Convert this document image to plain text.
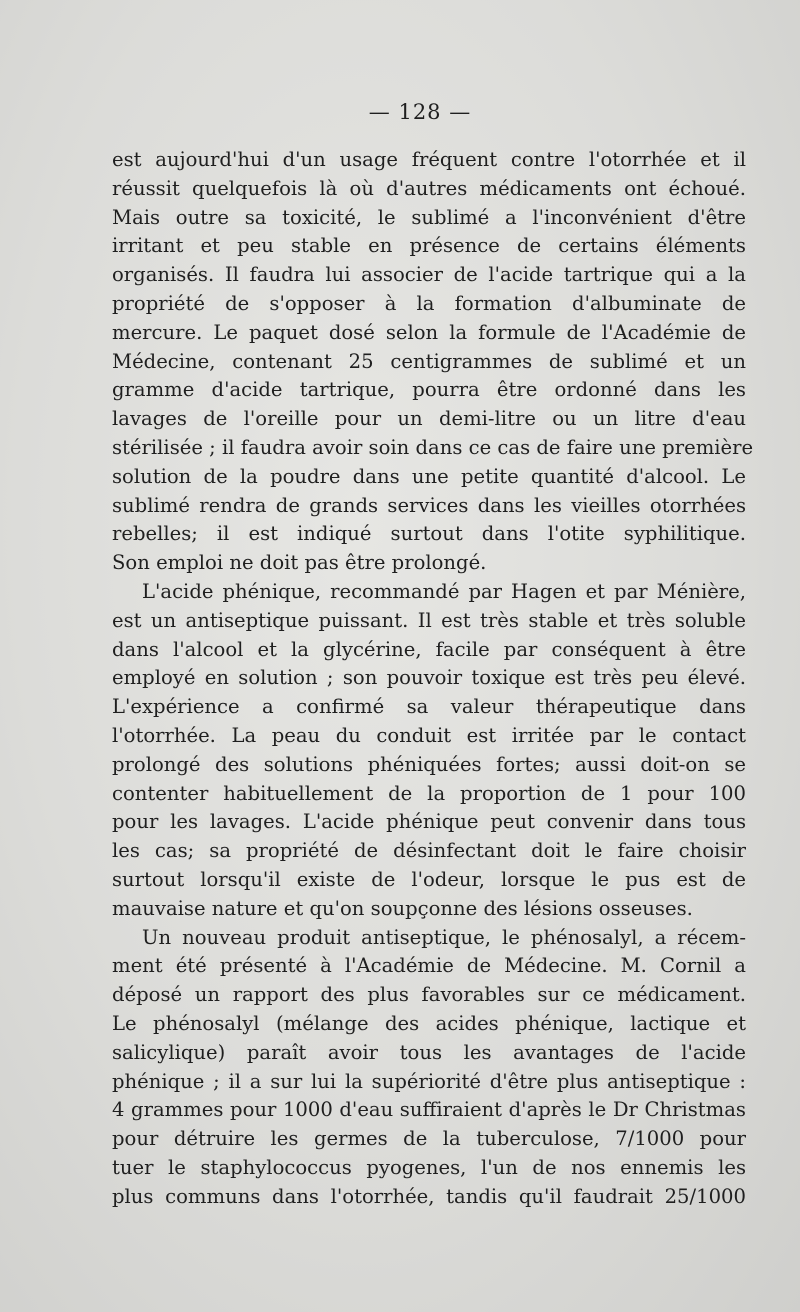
— 128 —

est aujourd'hui d'un usage fréquent contre l'otorrhée et il
réussit quelquefois là où d'autres médicaments ont échoué.
Mais outre sa toxicité, le sublimé a l'inconvénient d'être
irritant et peu stable en présence de certains éléments
organisés. Il faudra lui associer de l'acide tartrique qui a la
propriété de s'opposer à la formation d'albuminate de
mercure. Le paquet dosé selon la formule de l'Académie de
Médecine, contenant 25 centigrammes de sublimé et un
gramme d'acide tartrique, pourra être ordonné dans les
lavages de l'oreille pour un demi-litre ou un litre d'eau
stérilisée ; il faudra avoir soin dans ce cas de faire une première
solution de la poudre dans une petite quantité d'alcool. Le
sublimé rendra de grands services dans les vieilles otorrhées
rebelles; il est indiqué surtout dans l'otite syphilitique.
Son emploi ne doit pas être prolongé.

L'acide phénique, recommandé par Hagen et par Ménière,
est un antiseptique puissant. Il est très stable et très soluble
dans l'alcool et la glycérine, facile par conséquent à être
employé en solution ; son pouvoir toxique est très peu élevé.
L'expérience a confirmé sa valeur thérapeutique dans
l'otorrhée. La peau du conduit est irritée par le contact
prolongé des solutions phéniquées fortes; aussi doit-on se
contenter habituellement de la proportion de 1 pour 100
pour les lavages. L'acide phénique peut convenir dans tous
les cas; sa propriété de désinfectant doit le faire choisir
surtout lorsqu'il existe de l'odeur, lorsque le pus est de
mauvaise nature et qu'on soupçonne des lésions osseuses.

Un nouveau produit antiseptique, le phénosalyl, a récem-
ment été présenté à l'Académie de Médecine. M. Cornil a
déposé un rapport des plus favorables sur ce médicament.
Le phénosalyl (mélange des acides phénique, lactique et
salicylique) paraît avoir tous les avantages de l'acide
phénique ; il a sur lui la supériorité d'être plus antiseptique :
4 grammes pour 1000 d'eau suffiraient d'après le Dr Christmas
pour détruire les germes de la tuberculose, 7/1000 pour
tuer le staphylococcus pyogenes, l'un de nos ennemis les
plus communs dans l'otorrhée, tandis qu'il faudrait 25/1000
